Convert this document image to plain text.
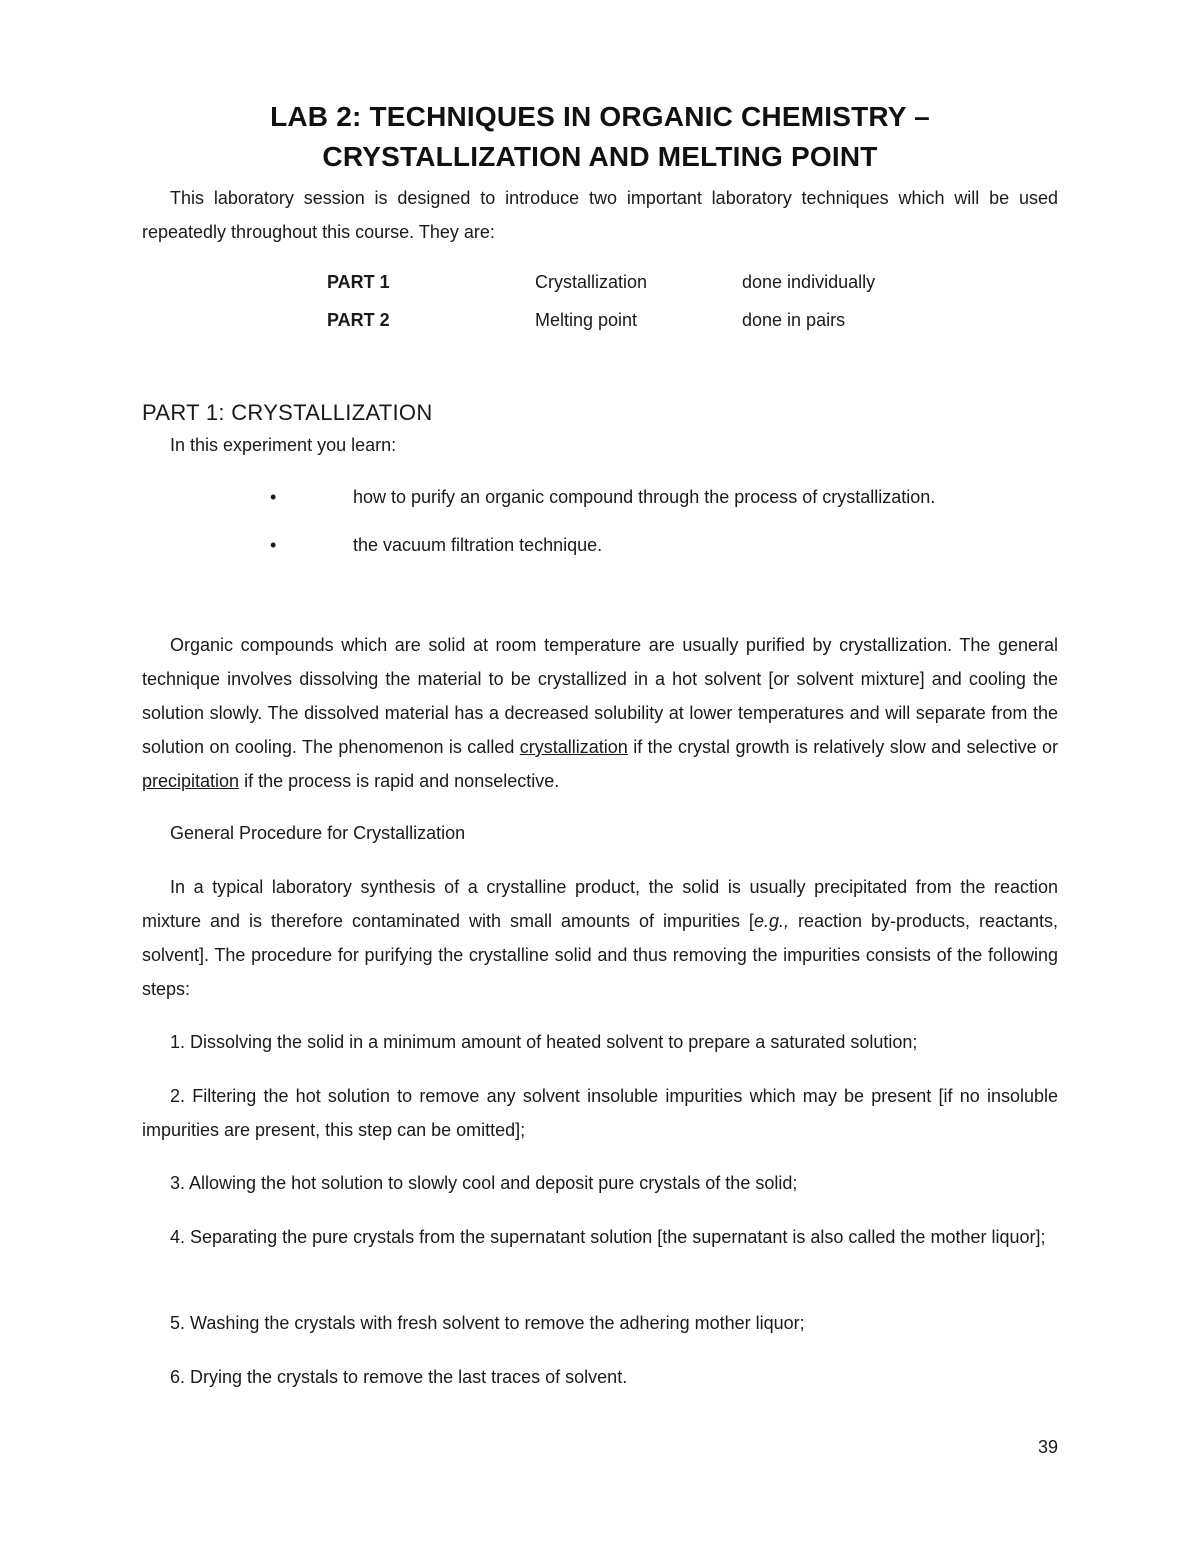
LAB 2: TECHNIQUES IN ORGANIC CHEMISTRY –
CRYSTALLIZATION AND MELTING POINT

This laboratory session is designed to introduce two important laboratory techniques which will be used repeatedly throughout this course. They are:

PART 1	Crystallization	done individually
PART 2	Melting point	done in pairs
PART 1: CRYSTALLIZATION

In this experiment you learn:

•	how to purify an organic compound through the process of crystallization.
•	the vacuum filtration technique.

Organic compounds which are solid at room temperature are usually purified by crystallization. The general technique involves dissolving the material to be crystallized in a hot solvent [or solvent mixture] and cooling the solution slowly. The dissolved material has a decreased solubility at lower temperatures and will separate from the solution on cooling. The phenomenon is called crystallization if the crystal growth is relatively slow and selective or precipitation if the process is rapid and nonselective.

General Procedure for Crystallization

In a typical laboratory synthesis of a crystalline product, the solid is usually precipitated from the reaction mixture and is therefore contaminated with small amounts of impurities [e.g., reaction by-products, reactants, solvent]. The procedure for purifying the crystalline solid and thus removing the impurities consists of the following steps:

1. Dissolving the solid in a minimum amount of heated solvent to prepare a saturated solution;

2. Filtering the hot solution to remove any solvent insoluble impurities which may be present [if no insoluble impurities are present, this step can be omitted];

3. Allowing the hot solution to slowly cool and deposit pure crystals of the solid;

4. Separating the pure crystals from the supernatant solution [the supernatant is also called the mother liquor];

5. Washing the crystals with fresh solvent to remove the adhering mother liquor;

6. Drying the crystals to remove the last traces of solvent.

39
